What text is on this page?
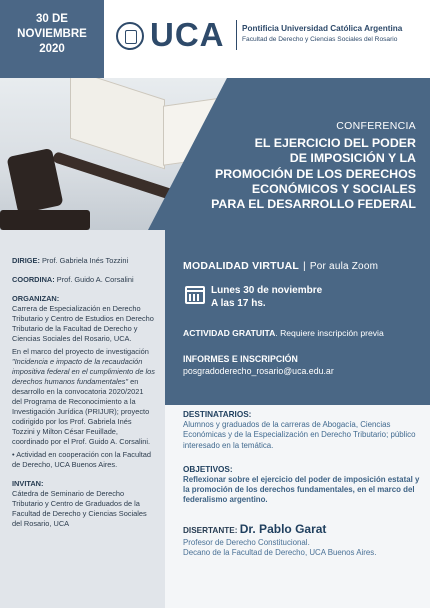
30 DE
NOVIEMBRE
2020	UCA Pontificia Universidad Católica Argentina
Facultad de Derecho y Ciencias Sociales del Rosario
CONFERENCIA
EL EJERCICIO DEL PODER
DE IMPOSICIÓN Y LA
PROMOCIÓN DE LOS DERECHOS
ECONÓMICOS Y SOCIALES
PARA EL DESARROLLO FEDERAL
DIRIGE: Prof. Gabriela Inés Tozzini
COORDINA: Prof. Guido A. Corsalini
ORGANIZAN:
Carrera de Especialización en Derecho Tributario y Centro de Estudios en Derecho Tributario de la Facultad de Derecho y Ciencias Sociales del Rosario, UCA.
En el marco del proyecto de investigación "Incidencia e impacto de la recaudación impositiva federal en el cumplimiento de los derechos humanos fundamentales" en desarrollo en la convocatoria 2020/2021 del Programa de Reconocimiento a la Investigación Jurídica (PRIJUR); proyecto codirigido por los Prof. Gabriela Inés Tozzini y Milton César Feuillade, coordinado por el Prof. Guido A. Corsalini.
• Actividad en cooperación con la Facultad de Derecho, UCA Buenos Aires.
INVITAN:
Cátedra de Seminario de Derecho Tributario y Centro de Graduados de la Facultad de Derecho y Ciencias Sociales del Rosario, UCA
MODALIDAD VIRTUAL | Por aula Zoom
Lunes 30 de noviembre
A las 17 hs.
ACTIVIDAD GRATUITA. Requiere inscripción previa
INFORMES E INSCRIPCIÓN
posgradoderecho_rosario@uca.edu.ar
DESTINATARIOS:
Alumnos y graduados de la carreras de Abogacía, Ciencias Económicas y de la Especialización en Derecho Tributario; público interesado en la temática.
OBJETIVOS:
Reflexionar sobre el ejercicio del poder de imposición estatal y la promoción de los derechos fundamentales, en el marco del federalismo argentino.
DISERTANTE: Dr. Pablo Garat
Profesor de Derecho Constitucional.
Decano de la Facultad de Derecho, UCA Buenos Aires.
